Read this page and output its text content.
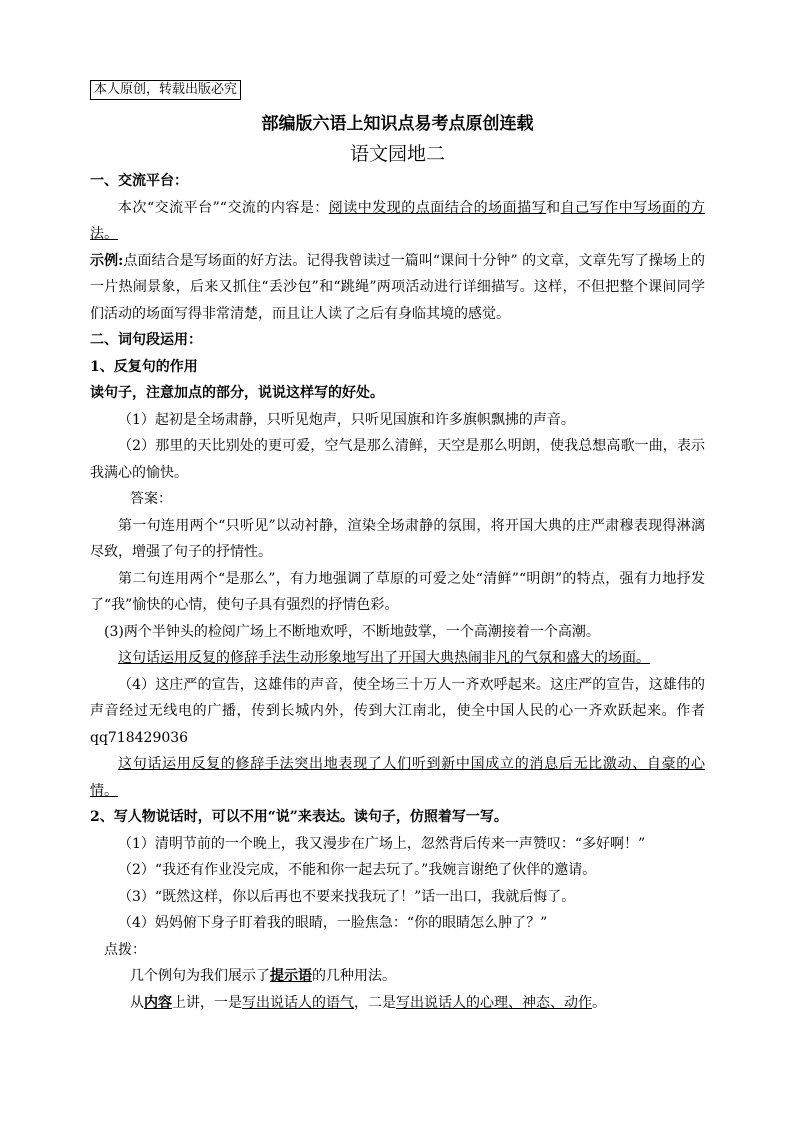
本人原创，转载出版必究
部编版六语上知识点易考点原创连载
语文园地二
一、交流平台：
本次“交流平台”“交流的内容是：阅读中发现的点面结合的场面描写和自己写作中写场面的方法。
示例:点面结合是写场面的好方法。记得我曾读过一篇叫“课间十分钟” 的文章，文章先写了操场上的一片热闹景象，后来又抓住“丢沙包”和“跳绳”两项活动进行详细描写。这样，不但把整个课间同学们活动的场面写得非常清楚，而且让人读了之后有身临其境的感觉。
二、词句段运用：
1、反复句的作用
读句子，注意加点的部分，说说这样写的好处。
（1）起初是全场肃静，只听见炮声，只听见国旗和许多旗帜飘拂的声音。
（2）那里的天比别处的更可爱，空气是那么清鲜，天空是那么明朗，使我总想高歌一曲，表示我满心的愉快。
答案：
第一句连用两个“只听见”以动衬静，渲染全场肃静的氛围，将开国大典的庄严肃穆表现得淋漓尽致，增强了句子的抒情性。
第二句连用两个“是那么”，有力地强调了草原的可爱之处“清鲜”“明朗”的特点，强有力地抒发了“我”愉快的心情，使句子具有强烈的抒情色彩。
(3)两个半钟头的检阅广场上不断地欢呼，不断地鼓掌，一个高潮接着一个高潮。
这句话运用反复的修辞手法生动形象地写出了开国大典热闹非凡的气氛和盛大的场面。
（4）这庄严的宣告，这雄伟的声音，使全场三十万人一齐欢呼起来。这庄严的宣告，这雄伟的声音经过无线电的广播，传到长城内外，传到大江南北，使全中国人民的心一齐欢跃起来。作者 qq718429036
这句话运用反复的修辞手法突出地表现了人们听到新中国成立的消息后无比激动、自豪的心情。
2、写人物说话时，可以不用“说”来表达。读句子，仿照着写一写。
（1）清明节前的一个晚上，我又漫步在广场上，忽然背后传来一声赞叹：“多好啊！”
（2）“我还有作业没完成，不能和你一起去玩了。”我婉言谢绝了伙伴的邀请。
（3）“既然这样，你以后再也不要来找我玩了！”话一出口，我就后悔了。
（4）妈妈俯下身子盯着我的眼睛，一脸焦急：“你的眼睛怎么肿了？”
点拨：
几个例句为我们展示了提示语的几种用法。
从内容上讲，一是写出说话人的语气，二是写出说话人的心理、神态、动作。
